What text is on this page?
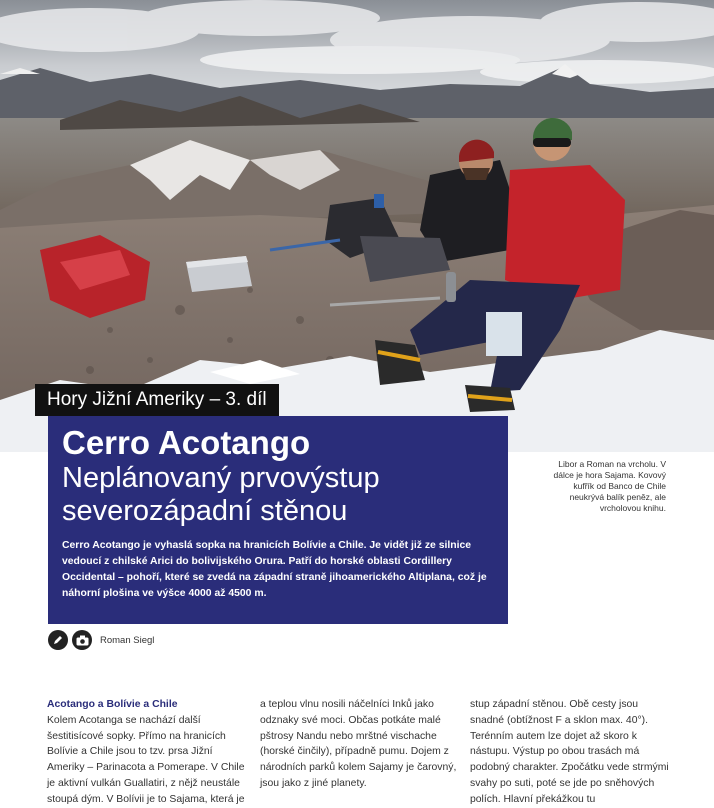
Hory Jižní Ameriky – 3. díl
Cerro Acotango
Neplánovaný prvovýstup
severozápadní stěnou

Cerro Acotango je vyhaslá sopka na hranicích Bolívie a Chile. Je vidět již ze silnice vedoucí z chilské Arici do bolivijského Orura. Patří do horské oblasti Cordillery Occidental – pohoří, které se zvedá na západní straně jihoamerického Altiplana, což je náhorní plošina ve výšce 4000 až 4500 m.

Libor a Roman na vrcholu. V dálce je hora Sajama. Kovový kufřík od Banco de Chile neukrývá balík peněz, ale vrcholovou knihu.

Roman Siegl
Acotango a Bolívie a Chile
Kolem Acotanga se nachází další šestitisícové sopky. Přímo na hranicích Bolívie a Chile jsou to tzv. prsa Jižní Ameriky – Parinacota a Pomerape. V Chile je aktivní vulkán Guallatiri, z nějž neustále stoupá dým. V Bolívii je to Sajama, která je
a teplou vlnu nosili náčelníci Inků jako odznaky své moci. Občas potkáte malé pštrosy Nandu nebo mrštné vischache (horské činčily), případně pumu. Dojem z národních parků kolem Sajamy je čarovný, jsou jako z jiné planety.
stup západní stěnou. Obě cesty jsou snadné (obtížnost F a sklon max. 40°). Terénním autem lze dojet až skoro k nástupu. Výstup po obou trasách má podobný charakter. Zpočátku vede strmými svahy po suti, poté se jde po sněhových polích. Hlavní překážkou tu
